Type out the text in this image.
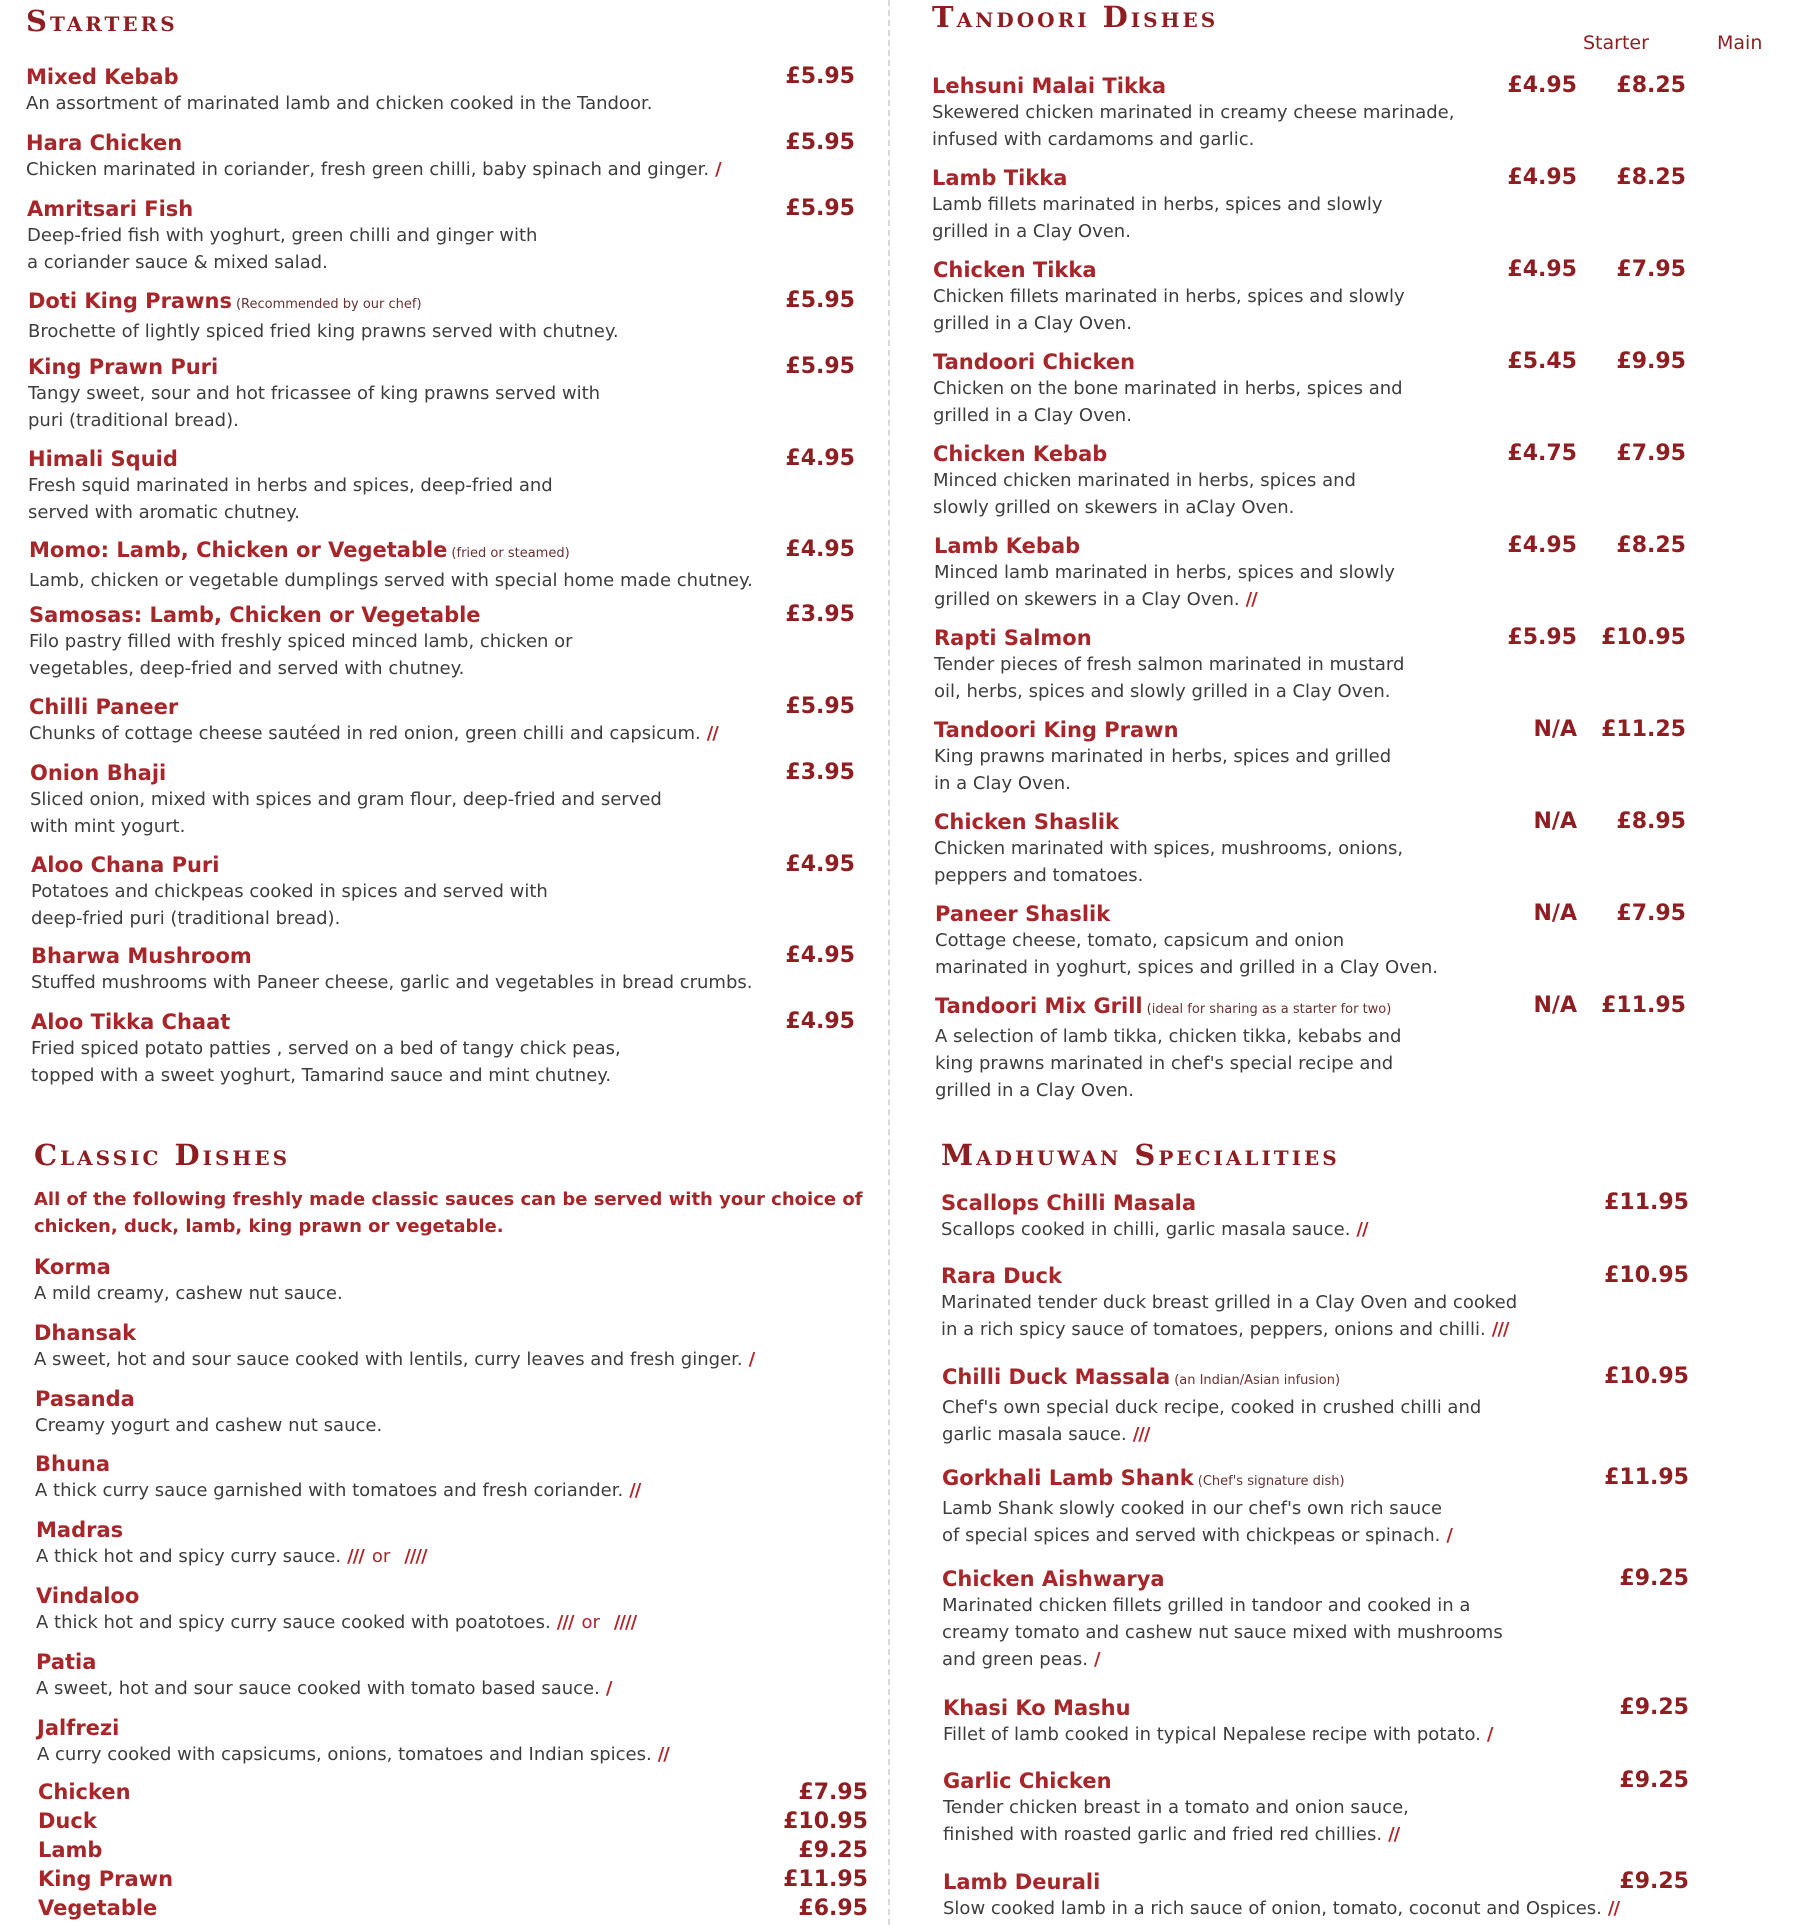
Starters
Mixed Kebab
An assortment of marinated lamb and chicken cooked in the Tandoor.
£5.95
Hara Chicken
Chicken marinated in coriander, fresh green chilli, baby spinach and ginger. /
£5.95
Amritsari Fish
Deep-fried fish with yoghurt, green chilli and ginger with
a coriander sauce & mixed salad.
£5.95
Doti King Prawns (Recommended by our chef)
Brochette of lightly spiced fried king prawns served with chutney.
£5.95
King Prawn Puri
Tangy sweet, sour and hot fricassee of king prawns served with
puri (traditional bread).
£5.95
Himali Squid
Fresh squid marinated in herbs and spices, deep-fried and
served with aromatic chutney.
£4.95
Momo: Lamb, Chicken or Vegetable (fried or steamed)
Lamb, chicken or vegetable dumplings served with special home made chutney.
£4.95
Samosas: Lamb, Chicken or Vegetable
Filo pastry filled with freshly spiced minced lamb, chicken or
vegetables, deep-fried and served with chutney.
£3.95
Chilli Paneer
Chunks of cottage cheese sautéed in red onion, green chilli and capsicum. //
£5.95
Onion Bhaji
Sliced onion, mixed with spices and gram flour, deep-fried and served
with mint yogurt.
£3.95
Aloo Chana Puri
Potatoes and chickpeas cooked in spices and served with
deep-fried puri (traditional bread).
£4.95
Bharwa Mushroom
Stuffed mushrooms with Paneer cheese, garlic and vegetables in bread crumbs.
£4.95
Aloo Tikka Chaat
Fried spiced potato patties , served on a bed of tangy chick peas,
topped with a sweet yoghurt, Tamarind sauce and mint chutney.
£4.95
Classic Dishes
All of the following freshly made classic sauces can be served with your choice of chicken, duck, lamb, king prawn or vegetable.
Korma
A mild creamy, cashew nut sauce.
Dhansak
A sweet, hot and sour sauce cooked with lentils, curry leaves and fresh ginger. /
Pasanda
Creamy yogurt and cashew nut sauce.
Bhuna
A thick curry sauce garnished with tomatoes and fresh coriander. //
Madras
A thick hot and spicy curry sauce. /// or ////
Vindaloo
A thick hot and spicy curry sauce cooked with poatotoes. /// or ////
Patia
A sweet, hot and sour sauce cooked with tomato based sauce. /
Jalfrezi
A curry cooked with capsicums, onions, tomatoes and Indian spices. //
Chicken	£7.95
Duck	£10.95
Lamb	£9.25
King Prawn	£11.95
Vegetable	£6.95
Tandoori Dishes
Starter	Main
Lehsuni Malai Tikka
Skewered chicken marinated in creamy cheese marinade,
infused with cardamoms and garlic.
£4.95	£8.25
Lamb Tikka
Lamb fillets marinated in herbs, spices and slowly
grilled in a Clay Oven.
£4.95	£8.25
Chicken Tikka
Chicken fillets marinated in herbs, spices and slowly
grilled in a Clay Oven.
£4.95	£7.95
Tandoori Chicken
Chicken on the bone marinated in herbs, spices and
grilled in a Clay Oven.
£5.45	£9.95
Chicken Kebab
Minced chicken marinated in herbs, spices and
slowly grilled on skewers in aClay Oven.
£4.75	£7.95
Lamb Kebab
Minced lamb marinated in herbs, spices and slowly
grilled on skewers in a Clay Oven. //
£4.95	£8.25
Rapti Salmon
Tender pieces of fresh salmon marinated in mustard
oil, herbs, spices and slowly grilled in a Clay Oven.
£5.95	£10.95
Tandoori King Prawn
King prawns marinated in herbs, spices and grilled
in a Clay Oven.
N/A	£11.25
Chicken Shaslik
Chicken marinated with spices, mushrooms, onions,
peppers and tomatoes.
N/A	£8.95
Paneer Shaslik
Cottage cheese, tomato, capsicum and onion
marinated in yoghurt, spices and grilled in a Clay Oven.
N/A	£7.95
Tandoori Mix Grill (ideal for sharing as a starter for two)
A selection of lamb tikka, chicken tikka, kebabs and
king prawns marinated in chef's special recipe and
grilled in a Clay Oven.
N/A	£11.95
Madhuwan Specialities
Scallops Chilli Masala
Scallops cooked in chilli, garlic masala sauce. //
£11.95
Rara Duck
Marinated tender duck breast grilled in a Clay Oven and cooked
in a rich spicy sauce of tomatoes, peppers, onions and chilli. ///
£10.95
Chilli Duck Massala (an Indian/Asian infusion)
Chef's own special duck recipe, cooked in crushed chilli and
garlic masala sauce. ///
£10.95
Gorkhali Lamb Shank (Chef's signature dish)
Lamb Shank slowly cooked in our chef's own rich sauce
of special spices and served with chickpeas or spinach. /
£11.95
Chicken Aishwarya
Marinated chicken fillets grilled in tandoor and cooked in a
creamy tomato and cashew nut sauce mixed with mushrooms
and green peas. /
£9.25
Khasi Ko Mashu
Fillet of lamb cooked in typical Nepalese recipe with potato. /
£9.25
Garlic Chicken
Tender chicken breast in a tomato and onion sauce,
finished with roasted garlic and fried red chillies. //
£9.25
Lamb Deurali
Slow cooked lamb in a rich sauce of onion, tomato, coconut and Ospices. //
£9.25
